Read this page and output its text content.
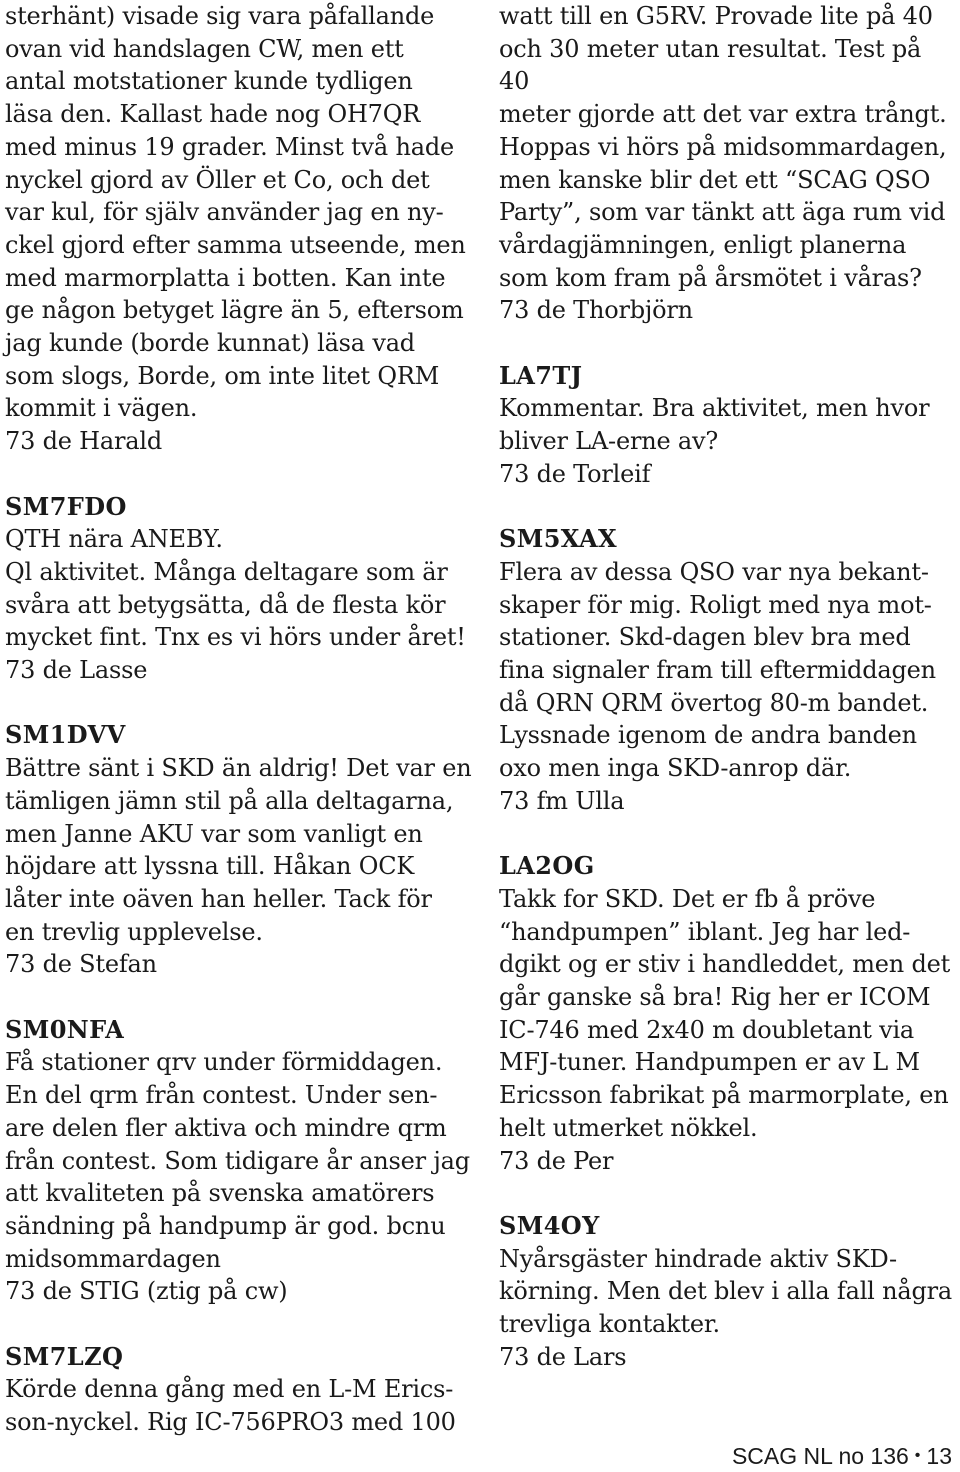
sterhänt) visade sig vara påfallande
ovan vid handslagen CW, men ett
antal motstationer kunde tydligen
läsa den. Kallast hade nog OH7QR
med minus 19 grader. Minst två hade
nyckel gjord av Öller et Co, och det
var kul, för själv använder jag en ny-
ckel gjord efter samma utseende, men
med marmorplatta i botten. Kan inte
ge någon betyget lägre än 5, eftersom
jag kunde (borde kunnat) läsa vad
som slogs, Borde, om inte litet QRM
kommit i vägen.
73 de Harald

SM7FDO

QTH nära ANEBY.
Ql aktivitet. Många deltagare som är
svåra att betygsätta, då de flesta kör
mycket fint. Tnx es vi hörs under året!
73 de Lasse

SM1DVV

Bättre sänt i SKD än aldrig! Det var en
tämligen jämn stil på alla deltagarna,
men Janne AKU var som vanligt en
höjdare att lyssna till. Håkan OCK
låter inte oäven han heller. Tack för
en trevlig upplevelse.
73 de Stefan

SM0NFA

Få stationer qrv under förmiddagen.
En del qrm från contest. Under sen-
are delen fler aktiva och mindre qrm
från contest. Som tidigare år anser jag
att kvaliteten på svenska amatörers
sändning på handpump är god. bcnu
midsommardagen
73 de STIG (ztig på cw)

SM7LZQ

Körde denna gång med en L-M Erics-
son-nyckel. Rig IC-756PRO3 med 100

watt till en G5RV. Provade lite på 40
och 30 meter utan resultat. Test på 40
meter gjorde att det var extra trångt.
Hoppas vi hörs på midsommardagen,
men kanske blir det ett “SCAG QSO
Party”, som var tänkt att äga rum vid
vårdagjämningen, enligt planerna
som kom fram på årsmötet i våras?
73 de Thorbjörn

LA7TJ

Kommentar. Bra aktivitet, men hvor
bliver LA-erne av?
73 de Torleif

SM5XAX

Flera av dessa QSO var nya bekant-
skaper för mig. Roligt med nya mot-
stationer. Skd-dagen blev bra med
fina signaler fram till eftermiddagen
då QRN QRM övertog 80-m bandet.
Lyssnade igenom de andra banden
oxo men inga SKD-anrop där.
73 fm Ulla

LA2OG

Takk for SKD. Det er fb å pröve
“handpumpen” iblant. Jeg har led-
dgikt og er stiv i handleddet, men det
går ganske så bra! Rig her er ICOM
IC-746 med 2x40 m doubletant via
MFJ-tuner. Handpumpen er av L M
Ericsson fabrikat på marmorplate, en
helt utmerket nökkel.
73 de Per

SM4OY

Nyårsgäster hindrade aktiv SKD-
körning. Men det blev i alla fall några
trevliga kontakter.
73 de Lars

SCAG NL no 136 • 13
